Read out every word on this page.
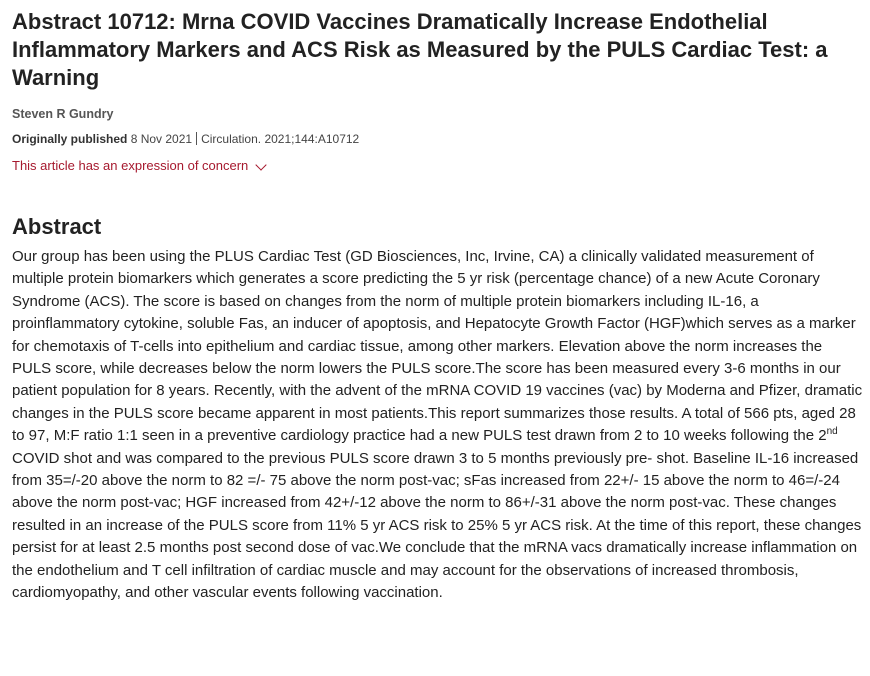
Abstract 10712: Mrna COVID Vaccines Dramatically Increase Endothelial Inflammatory Markers and ACS Risk as Measured by the PULS Cardiac Test: a Warning
Steven R Gundry
Originally published 8 Nov 2021 Circulation. 2021;144:A10712
This article has an expression of concern
Abstract
Our group has been using the PLUS Cardiac Test (GD Biosciences, Inc, Irvine, CA) a clinically validated measurement of multiple protein biomarkers which generates a score predicting the 5 yr risk (percentage chance) of a new Acute Coronary Syndrome (ACS). The score is based on changes from the norm of multiple protein biomarkers including IL-16, a proinflammatory cytokine, soluble Fas, an inducer of apoptosis, and Hepatocyte Growth Factor (HGF)which serves as a marker for chemotaxis of T-cells into epithelium and cardiac tissue, among other markers. Elevation above the norm increases the PULS score, while decreases below the norm lowers the PULS score.The score has been measured every 3-6 months in our patient population for 8 years. Recently, with the advent of the mRNA COVID 19 vaccines (vac) by Moderna and Pfizer, dramatic changes in the PULS score became apparent in most patients.This report summarizes those results. A total of 566 pts, aged 28 to 97, M:F ratio 1:1 seen in a preventive cardiology practice had a new PULS test drawn from 2 to 10 weeks following the 2nd COVID shot and was compared to the previous PULS score drawn 3 to 5 months previously pre- shot. Baseline IL-16 increased from 35=/-20 above the norm to 82 =/- 75 above the norm post-vac; sFas increased from 22+/- 15 above the norm to 46=/-24 above the norm post-vac; HGF increased from 42+/-12 above the norm to 86+/-31 above the norm post-vac. These changes resulted in an increase of the PULS score from 11% 5 yr ACS risk to 25% 5 yr ACS risk. At the time of this report, these changes persist for at least 2.5 months post second dose of vac.We conclude that the mRNA vacs dramatically increase inflammation on the endothelium and T cell infiltration of cardiac muscle and may account for the observations of increased thrombosis, cardiomyopathy, and other vascular events following vaccination.
